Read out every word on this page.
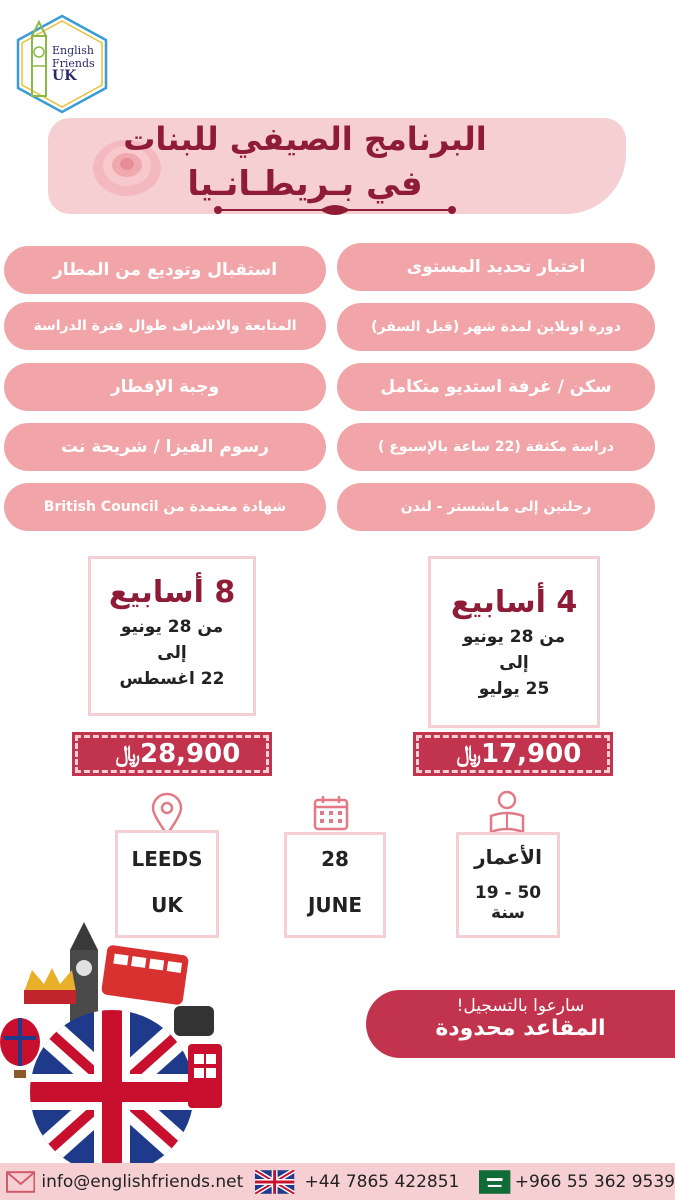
English
Friends
UK
البرنامج الصيفي للبنات
في بـريطـانـيا
اختبار تحديد المستوى
دورة اونلاين لمدة شهر (قبل السفر)
سكن / غرفة استديو متكامل
دراسة مكثفة (22 ساعة بالإسبوع )
رحلتين إلى مانشستر - لندن
استقبال وتوديع من المطار
المتابعة والاشراف طوال فترة الدراسة
وجبة الإفطار
رسوم الفيزا / شريحة نت
شهادة معتمدة من British Council
8 أسابيع
من 28 يونيو
إلى
22 اغسطس
﷼ 28,900
4 أسابيع
من 28 يونيو
إلى
25 يوليو
﷼ 17,900
LEEDS
UK
28
JUNE
الأعمار
50 - 19
سنة
سارعوا بالتسجيل!
المقاعد محدودة
info@englishfriends.net	+44 7865 422851	+966 55 362 9539
